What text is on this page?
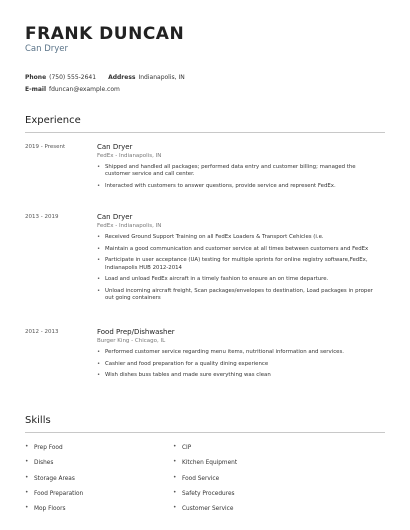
FRANK DUNCAN
Can Dryer
Phone (750) 555-2641 Address Indianapolis, IN
E-mail fduncan@example.com
Experience
2019 - Present	Can Dryer
FedEx - Indianapolis, IN
• Shipped and handled all packages; performed data entry and customer billing; managed the customer service and call center.
• Interacted with customers to answer questions, provide service and represent FedEx.
2013 - 2019	Can Dryer
FedEx - Indianapolis, IN
• Received Ground Support Training on all FedEx Loaders & Transport Cehicles (i.e.
• Maintain a good communication and customer service at all times between customers and FedEx
• Participate in user acceptance (UA) testing for multiple sprints for online registry software,FedEx, Indianapolis HUB 2012-2014
• Load and unload FedEx aircraft in a timely fashion to ensure an on time departure.
• Unload incoming aircraft freight, Scan packages/envelopes to destination, Load packages in proper out going containers
2012 - 2013	Food Prep/Dishwasher
Burger King - Chicago, IL
• Performed customer service regarding menu items, nutritional information and services.
• Cashier and food preparation for a quality dining experience
• Wish dishes buss tables and made sure everything was clean
Skills
• Prep Food
• Dishes
• Storage Areas
• Food Preparation
• Mop Floors
• CIP
• Kitchen Equipment
• Food Service
• Safety Procedures
• Customer Service
